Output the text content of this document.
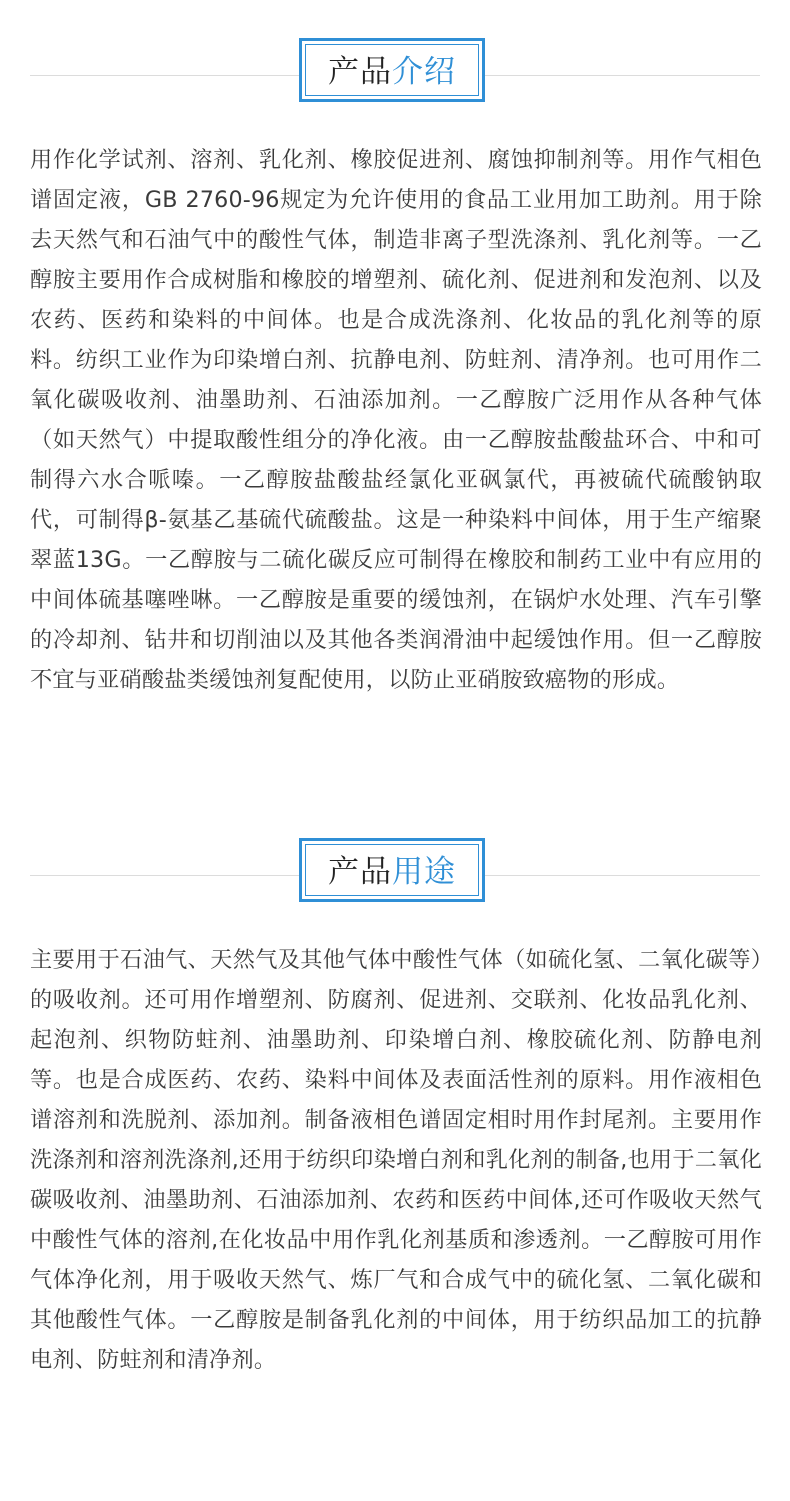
产品介绍

用作化学试剂、溶剂、乳化剂、橡胶促进剂、腐蚀抑制剂等。用作气相色谱固定液，GB 2760-96规定为允许使用的食品工业用加工助剂。用于除去天然气和石油气中的酸性气体，制造非离子型洗涤剂、乳化剂等。一乙醇胺主要用作合成树脂和橡胶的增塑剂、硫化剂、促进剂和发泡剂、以及农药、医药和染料的中间体。也是合成洗涤剂、化妆品的乳化剂等的原料。纺织工业作为印染增白剂、抗静电剂、防蛀剂、清净剂。也可用作二氧化碳吸收剂、油墨助剂、石油添加剂。一乙醇胺广泛用作从各种气体（如天然气）中提取酸性组分的净化液。由一乙醇胺盐酸盐环合、中和可制得六水合哌嗪。一乙醇胺盐酸盐经氯化亚砜氯代，再被硫代硫酸钠取代，可制得β-氨基乙基硫代硫酸盐。这是一种染料中间体，用于生产缩聚翠蓝13G。一乙醇胺与二硫化碳反应可制得在橡胶和制药工业中有应用的中间体硫基噻唑啉。一乙醇胺是重要的缓蚀剂，在锅炉水处理、汽车引擎的冷却剂、钻井和切削油以及其他各类润滑油中起缓蚀作用。但一乙醇胺不宜与亚硝酸盐类缓蚀剂复配使用，以防止亚硝胺致癌物的形成。

产品用途

主要用于石油气、天然气及其他气体中酸性气体（如硫化氢、二氧化碳等）的吸收剂。还可用作增塑剂、防腐剂、促进剂、交联剂、化妆品乳化剂、起泡剂、织物防蛀剂、油墨助剂、印染增白剂、橡胶硫化剂、防静电剂等。也是合成医药、农药、染料中间体及表面活性剂的原料。用作液相色谱溶剂和洗脱剂、添加剂。制备液相色谱固定相时用作封尾剂。主要用作洗涤剂和溶剂洗涤剂,还用于纺织印染增白剂和乳化剂的制备,也用于二氧化碳吸收剂、油墨助剂、石油添加剂、农药和医药中间体,还可作吸收天然气中酸性气体的溶剂,在化妆品中用作乳化剂基质和渗透剂。一乙醇胺可用作气体净化剂，用于吸收天然气、炼厂气和合成气中的硫化氢、二氧化碳和其他酸性气体。一乙醇胺是制备乳化剂的中间体，用于纺织品加工的抗静电剂、防蛀剂和清净剂。
